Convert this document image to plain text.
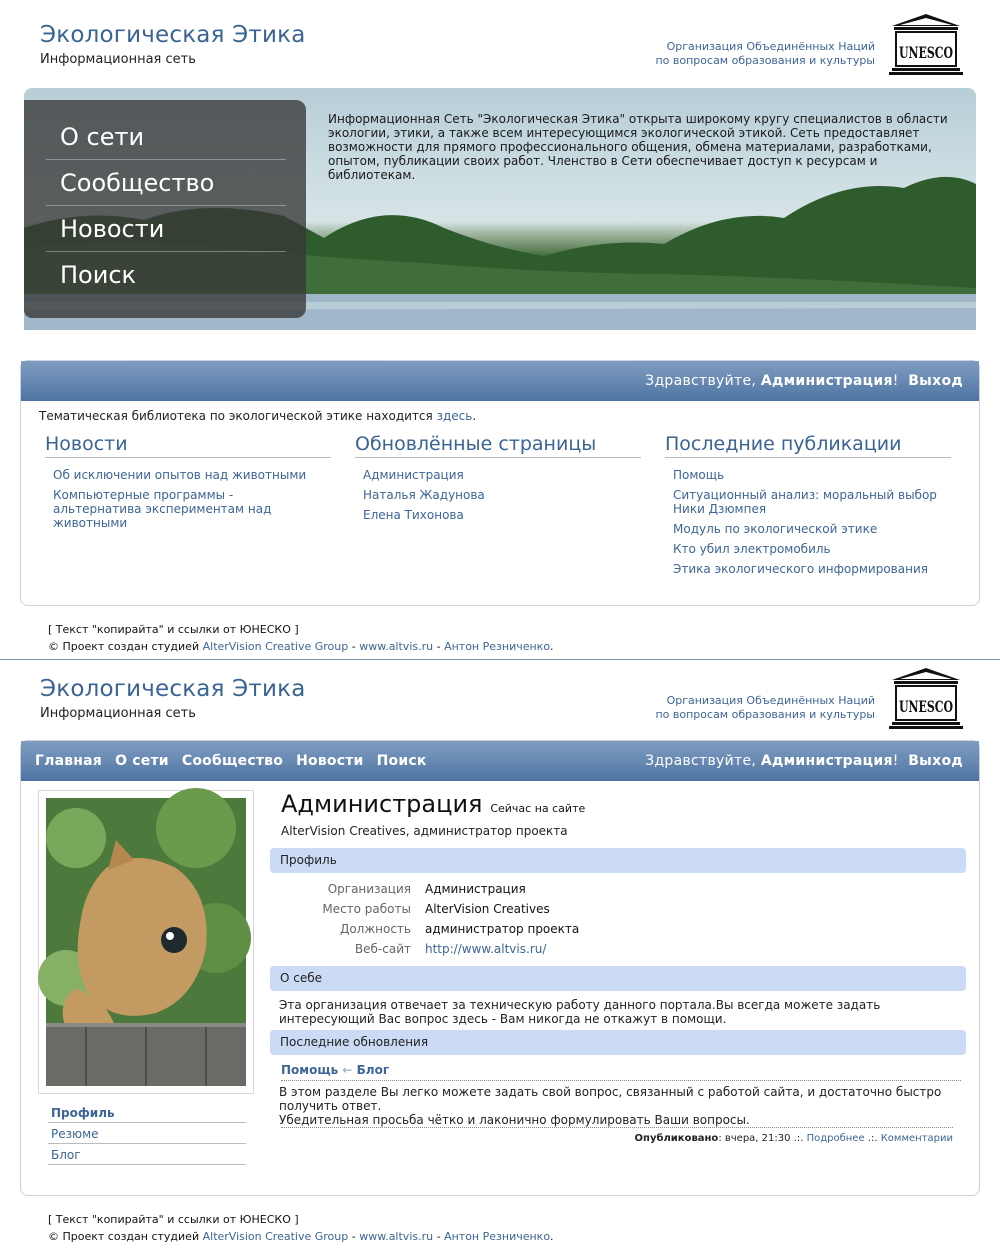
Экологическая Этика
Информационная сеть
Организация Объединённых Наций
по вопросам образования и культуры UNESCO
О сети
Сообщество
Новости
Поиск
Информационная Сеть "Экологическая Этика" открыта широкому кругу специалистов в области экологии, этики, а также всем интересующимся экологической этикой. Сеть предоставляет возможности для прямого профессионального общения, обмена материалами, разработками, опытом, публикации своих работ. Членство в Сети обеспечивает доступ к ресурсам и библиотекам.
Здравствуйте, Администрация! Выход
Тематическая библиотека по экологической этике находится здесь.
Новости
Об исключении опытов над животными
Компьютерные программы - альтернатива экспериментам над животными
Обновлённые страницы
Администрация
Наталья Жадунова
Елена Тихонова
Последние публикации
Помощь
Ситуационный анализ: моральный выбор Ники Дзюмпея
Модуль по экологической этике
Кто убил электромобиль
Этика экологического информирования
[ Текст "копирайта" и ссылки от ЮНЕСКО ]
© Проект создан студией AlterVision Creative Group - www.altvis.ru - Антон Резниченко.
Экологическая Этика
Информационная сеть
Организация Объединённых Наций
по вопросам образования и культуры UNESCO
Главная О сети Сообщество Новости Поиск	Здравствуйте, Администрация! Выход
Профиль
Резюме
Блог
Администрация Сейчас на сайте
AlterVision Creatives, администратор проекта
Профиль
Организация Администрация
Место работы AlterVision Creatives
Должность администратор проекта
Веб-сайт http://www.altvis.ru/
О себе
Эта организация отвечает за техническую работу данного портала.Вы всегда можете задать интересующий Вас вопрос здесь - Вам никогда не откажут в помощи.
Последние обновления
Помощь ← Блог
В этом разделе Вы легко можете задать свой вопрос, связанный с работой сайта, и достаточно быстро получить ответ.
Убедительная просьба чётко и лаконично формулировать Ваши вопросы.
Опубликовано: вчера, 21:30 .:. Подробнее .:. Комментарии
[ Текст "копирайта" и ссылки от ЮНЕСКО ]
© Проект создан студией AlterVision Creative Group - www.altvis.ru - Антон Резниченко.
